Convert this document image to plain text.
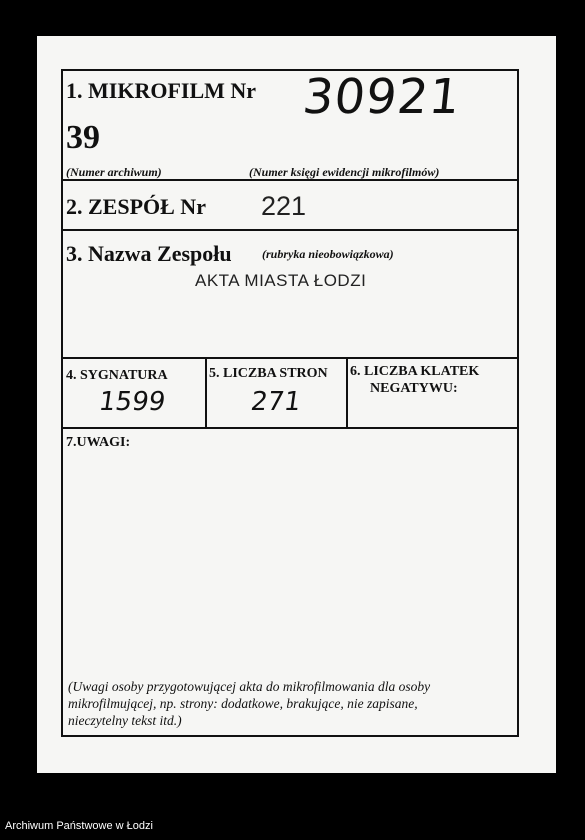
1. MIKROFILM Nr
39
30921
(Numer archiwum)	(Numer księgi ewidencji mikrofilmów)
2. ZESPÓŁ Nr 221
3. Nazwa Zespołu	(rubryka nieobowiązkowa)
AKTA MIASTA ŁODZI
4. SYGNATURA
1599
5. LICZBA STRON
271
6. LICZBA KLATEK
NEGATYWU:
7.UWAGI:
(Uwagi osoby przygotowującej akta do mikrofilmowania dla osoby
mikrofilmującej, np. strony: dodatkowe, brakujące, nie zapisane,
nieczytelny tekst itd.)
Archiwum Państwowe w Łodzi
